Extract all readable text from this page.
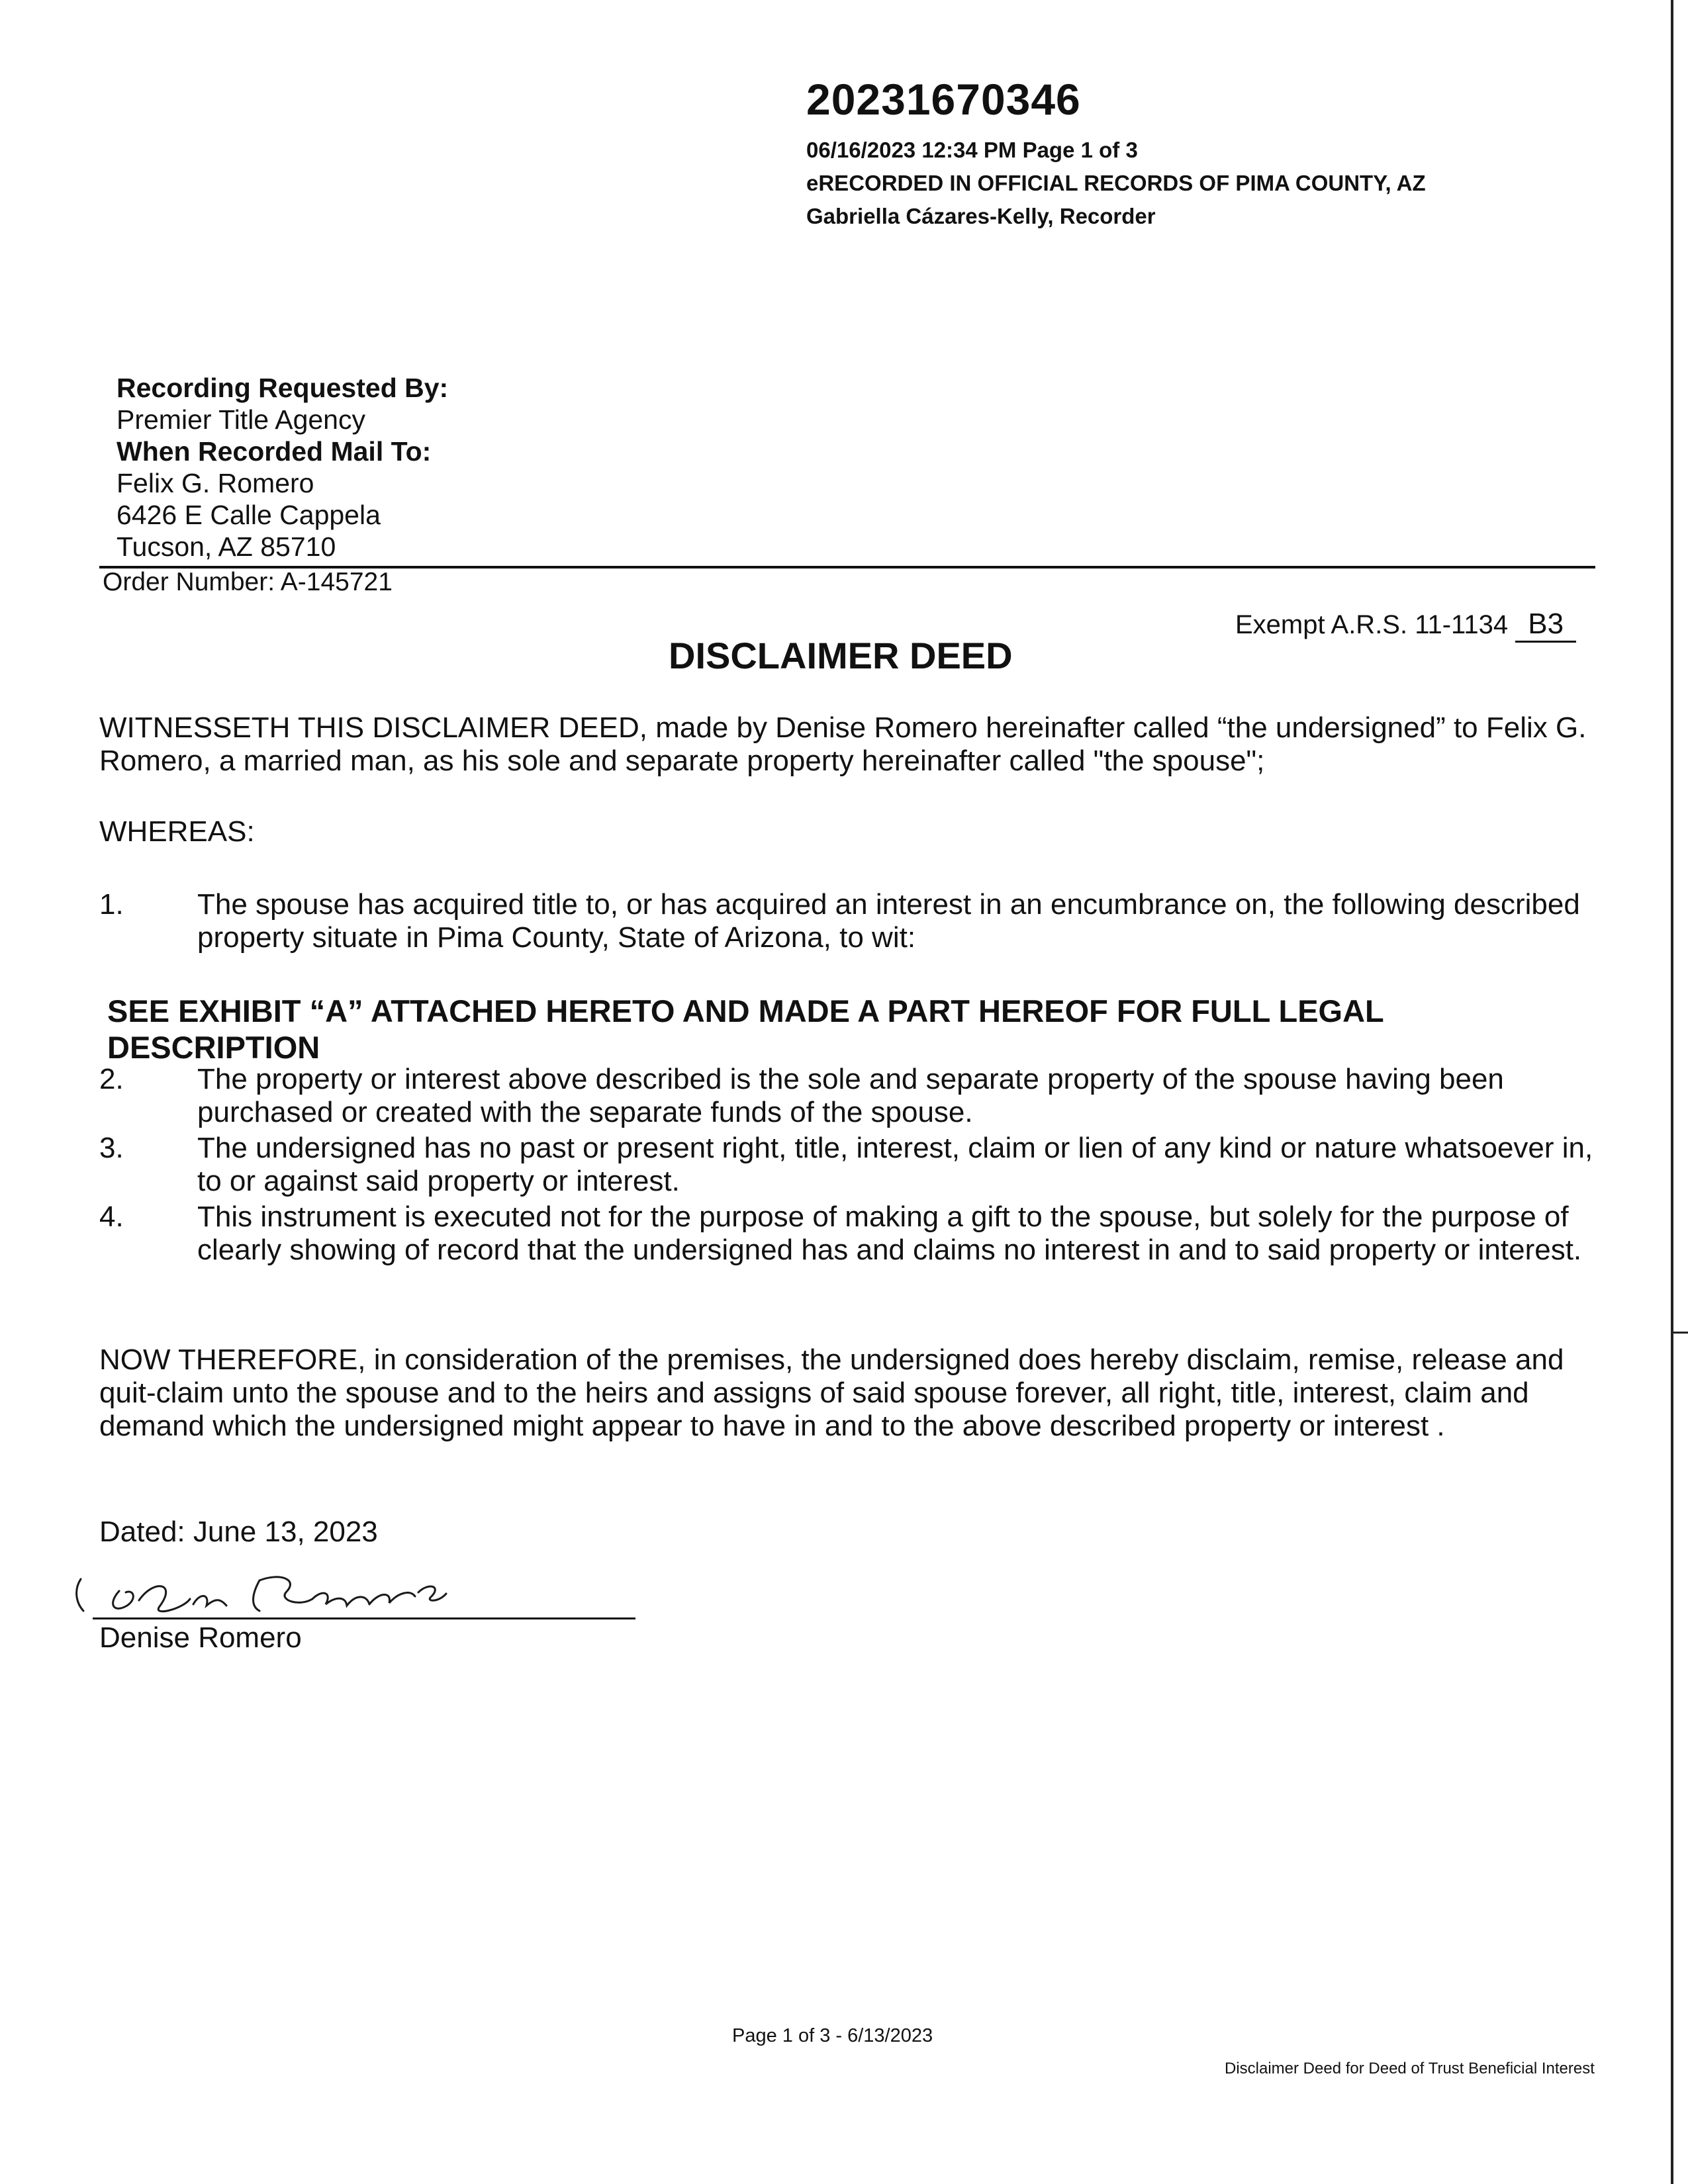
20231670346
06/16/2023 12:34 PM Page 1 of 3
eRECORDED IN OFFICIAL RECORDS OF PIMA COUNTY, AZ
Gabriella Cázares-Kelly, Recorder
Recording Requested By:
Premier Title Agency
When Recorded Mail To:
Felix G. Romero
6426 E Calle Cappela
Tucson, AZ 85710
Order Number: A-145721
Exempt A.R.S. 11-1134 B3
DISCLAIMER DEED
WITNESSETH THIS DISCLAIMER DEED, made by Denise Romero hereinafter called “the undersigned” to Felix G. Romero, a married man, as his sole and separate property hereinafter called "the spouse";
WHEREAS:
1.	The spouse has acquired title to, or has acquired an interest in an encumbrance on, the following described property situate in Pima County, State of Arizona, to wit:
SEE EXHIBIT “A” ATTACHED HERETO AND MADE A PART HEREOF FOR FULL LEGAL DESCRIPTION
2.	The property or interest above described is the sole and separate property of the spouse having been purchased or created with the separate funds of the spouse.
3.	The undersigned has no past or present right, title, interest, claim or lien of any kind or nature whatsoever in, to or against said property or interest.
4.	This instrument is executed not for the purpose of making a gift to the spouse, but solely for the purpose of clearly showing of record that the undersigned has and claims no interest in and to said property or interest.
NOW THEREFORE, in consideration of the premises, the undersigned does hereby disclaim, remise, release and quit-claim unto the spouse and to the heirs and assigns of said spouse forever, all right, title, interest, claim and demand which the undersigned might appear to have in and to the above described property or interest .
Dated: June 13, 2023
Denise Romero
Page 1 of 3 - 6/13/2023
Disclaimer Deed for Deed of Trust Beneficial Interest
